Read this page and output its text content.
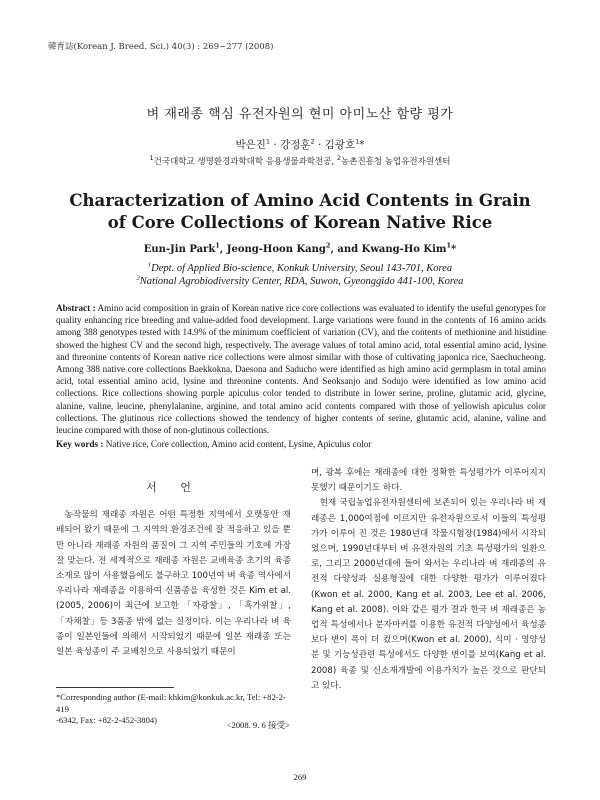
韓育誌(Korean J. Breed. Sci.) 40(3) : 269~277 (2008)
벼 재래종 핵심 유전자원의 현미 아미노산 함량 평가
박은진$^1$ · 강정훈$^2$ · 김광호$^1$*
$^1$건국대학교 생명환경과학대학 응용생물과학전공, $^2$농촌진흥청 농업유전자원센터
Characterization of Amino Acid Contents in Grain
of Core Collections of Korean Native Rice
Eun-Jin Park$^1$, Jeong-Hoon Kang$^2$, and Kwang-Ho Kim$^1$*
$^1$Dept. of Applied Bio-science, Konkuk University, Seoul 143-701, Korea
$^2$National Agrobiodiversity Center, RDA, Suwon, Gyeonggido 441-100, Korea
Abstract : Amino acid composition in grain of Korean native rice core collections was evaluated to identify the useful genotypes for quality enhancing rice breeding and value-added food development. Large variations were found in the contents of 16 amino acids among 388 genotypes tested with 14.9% of the minimum coefficient of variation (CV), and the contents of methionine and histidine showed the highest CV and the second high, respectively. The average values of total amino acid, total essential amino acid, lysine and threonine contents of Korean native rice collections were almost similar with those of cultivating japonica rice, Saechucheong. Among 388 native core collections Baekkokna, Daesona and Saducho were identified as high amino acid germplasm in total amino acid, total essential amino acid, lysine and threonine contents. And Seoksanjo and Sodujo were identified as low amino acid collections. Rice collections showing purple apiculus color tended to distribute in lower serine, proline, glutamic acid, glycine, alanine, valine, leucine, phenylalanine, arginine, and total amino acid contents compared with those of yellowish apiculus color collections. The glutinous rice collections showed the tendency of higher contents of serine, glutamic acid, alanine, valine and leucine compared with those of non-glutinous collections.
Key words : Native rice, Core collection, Amino acid content, Lysine, Apiculus color
서 언

농작물의 재래종 자원은 어떤 특정한 지역에서 오랫동안 재배되어 왔기 때문에 그 지역의 환경조건에 잘 적응하고 있을 뿐만 아니라 재래종 자원의 품질이 그 지역 주민들의 기호에 가장 잘 맞는다. 전 세계적으로 재래종 자원은 교배육종 초기의 육종소재로 많이 사용했음에도 불구하고 100년여 벼 육종 역사에서 우리나라 재래종을 이용하여 신품종을 육성한 것은 Kim et al.(2005, 2006)이 최근에 보고한 「자광찰」, 「흑가위찰」, 「자채찰」등 3품종 밖에 없는 실정이다. 이는 우리나라 벼 육종이 일본인들에 의해서 시작되었기 때문에 일본 재래종 또는 일본 육성종이 주 교배친으로 사용되었기 때문이

며, 광복 후에는 재래종에 대한 정확한 특성평가가 이루어지지 못했기 때문이기도 하다.

현재 국립농업유전자원센터에 보존되어 있는 우리나라 벼 재래종은 1,000여점에 이르지만 유전자원으로서 이들의 특성평가가 이루어 진 것은 1980년대 작물시험장(1984)에서 시작되었으며, 1990년대부터 벼 유전자원의 기초 특성평가의 일환으로, 그리고 2000년대에 들어 와서는 우리나라 벼 재래종의 유전적 다양성과 실용형질에 대한 다양한 평가가 이루어졌다(Kwon et al. 2000, Kang et al. 2003, Lee et al. 2006, Kang et al. 2008). 이와 같은 평가 결과 한국 벼 재래종은 농업적 특성에서나 분자마커를 이용한 유전적 다양성에서 육성종보다 변이 폭이 더 컸으며(Kwon et al. 2000), 식미 · 영양성분 및 기능성관련 특성에서도 다양한 변이를 보여(Kang et al. 2008) 육종 및 신소재개발에 이용가치가 높은 것으로 판단되고 있다.

*Corresponding author (E-mail: khkim@konkuk.ac.kr, Tel: +82-2-419
-6342, Fax: +82-2-452-3804)	<2008. 9. 6 接受>
269
